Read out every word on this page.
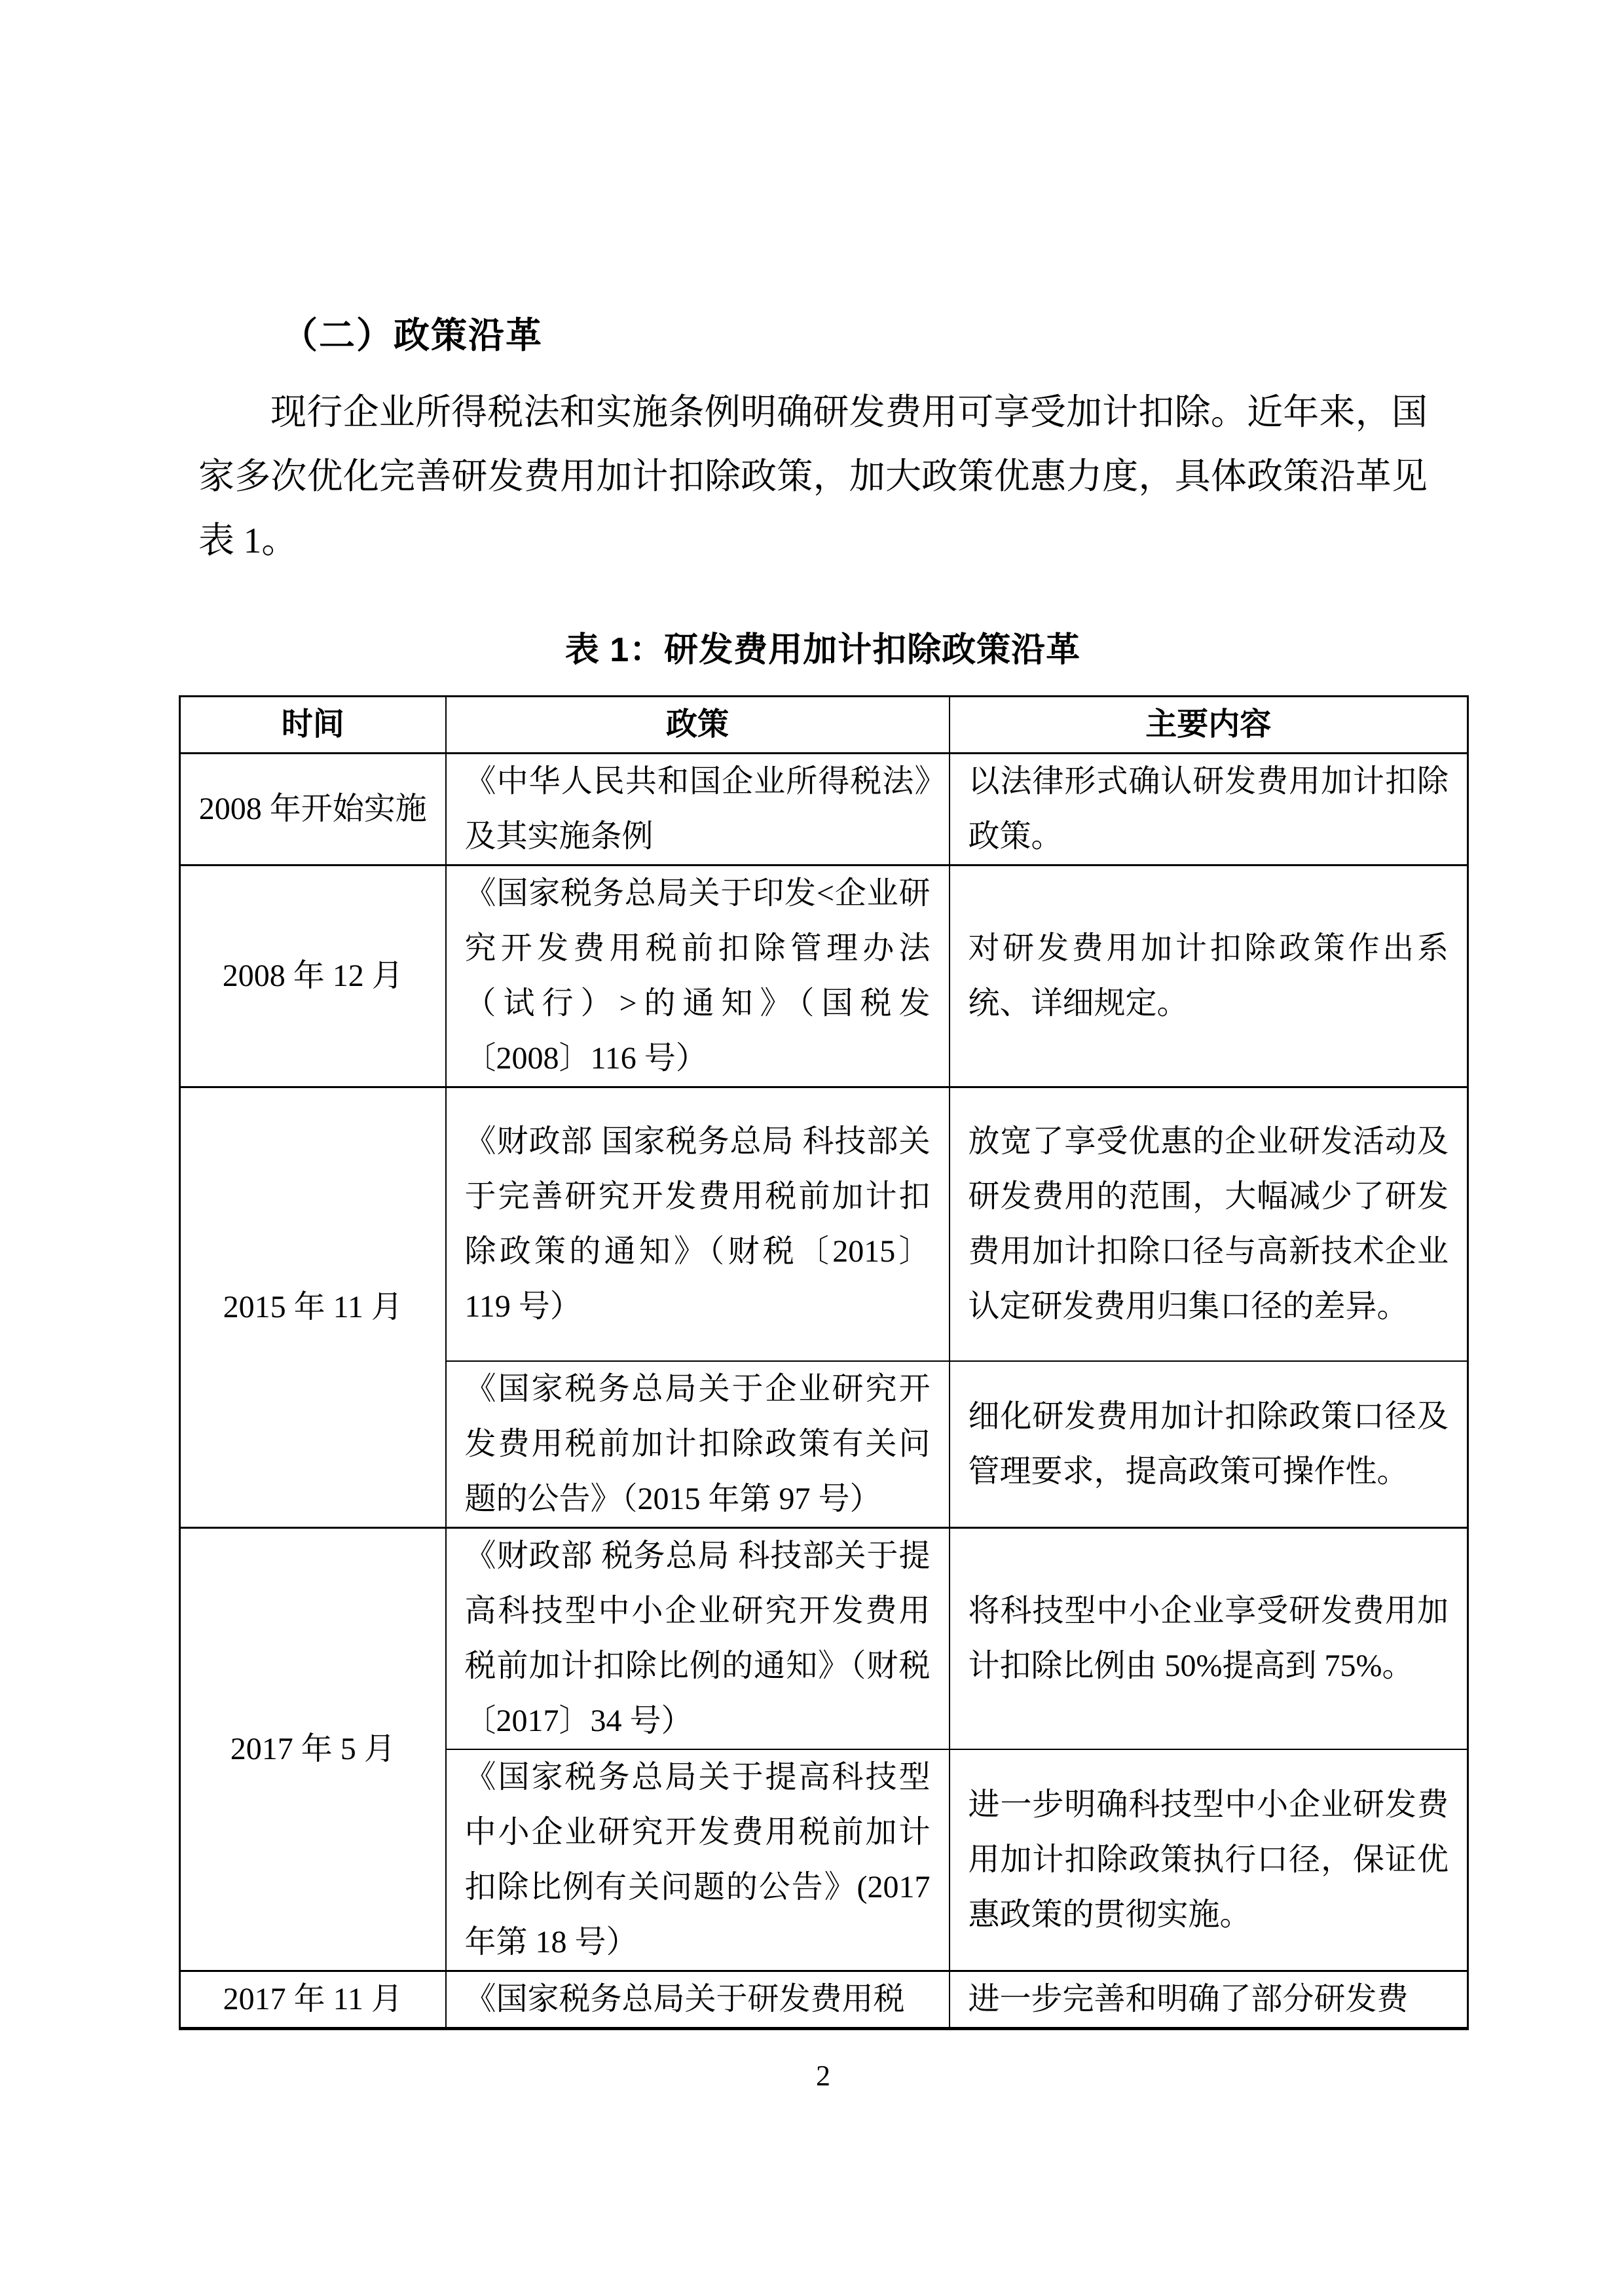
（二）政策沿革

现行企业所得税法和实施条例明确研发费用可享受加计扣除。近年来，国家多次优化完善研发费用加计扣除政策，加大政策优惠力度，具体政策沿革见表 1。

表 1：研发费用加计扣除政策沿革
时间	政策	主要内容
2008 年开始实施	《中华人民共和国企业所得税法》及其实施条例	以法律形式确认研发费用加计扣除政策。
2008 年 12 月	《国家税务总局关于印发<企业研究开发费用税前扣除管理办法（试行）>的通知》（国税发〔2008〕116 号）	对研发费用加计扣除政策作出系统、详细规定。
2015 年 11 月	《财政部 国家税务总局 科技部关于完善研究开发费用税前加计扣除政策的通知》（财税〔2015〕119 号）	放宽了享受优惠的企业研发活动及研发费用的范围，大幅减少了研发费用加计扣除口径与高新技术企业认定研发费用归集口径的差异。
	《国家税务总局关于企业研究开发费用税前加计扣除政策有关问题的公告》（2015 年第 97 号）	细化研发费用加计扣除政策口径及管理要求，提高政策可操作性。
2017 年 5 月	《财政部 税务总局 科技部关于提高科技型中小企业研究开发费用税前加计扣除比例的通知》（财税〔2017〕34 号）	将科技型中小企业享受研发费用加计扣除比例由 50%提高到 75%。
	《国家税务总局关于提高科技型中小企业研究开发费用税前加计扣除比例有关问题的公告》(2017 年第 18 号）	进一步明确科技型中小企业研发费用加计扣除政策执行口径，保证优惠政策的贯彻实施。
2017 年 11 月	《国家税务总局关于研发费用税	进一步完善和明确了部分研发费
2
